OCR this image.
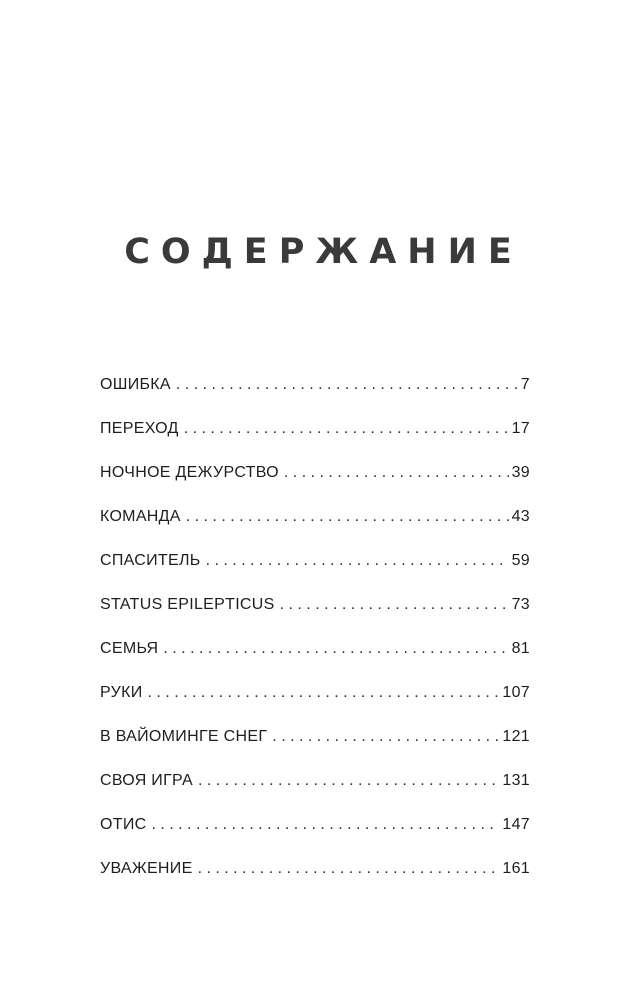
СОДЕРЖАНИЕ
ОШИБКА . . .	7
ПЕРЕХОД . . .	17
НОЧНОЕ ДЕЖУРСТВО . . .	39
КОМАНДА . . .	43
СПАСИТЕЛЬ . . .	59
STATUS EPILEPTICUS . . .	73
СЕМЬЯ . . .	81
РУКИ . . .	107
В ВАЙОМИНГЕ СНЕГ . . .	121
СВОЯ ИГРА . . .	131
ОТИС . . .	147
УВАЖЕНИЕ . . .	161
